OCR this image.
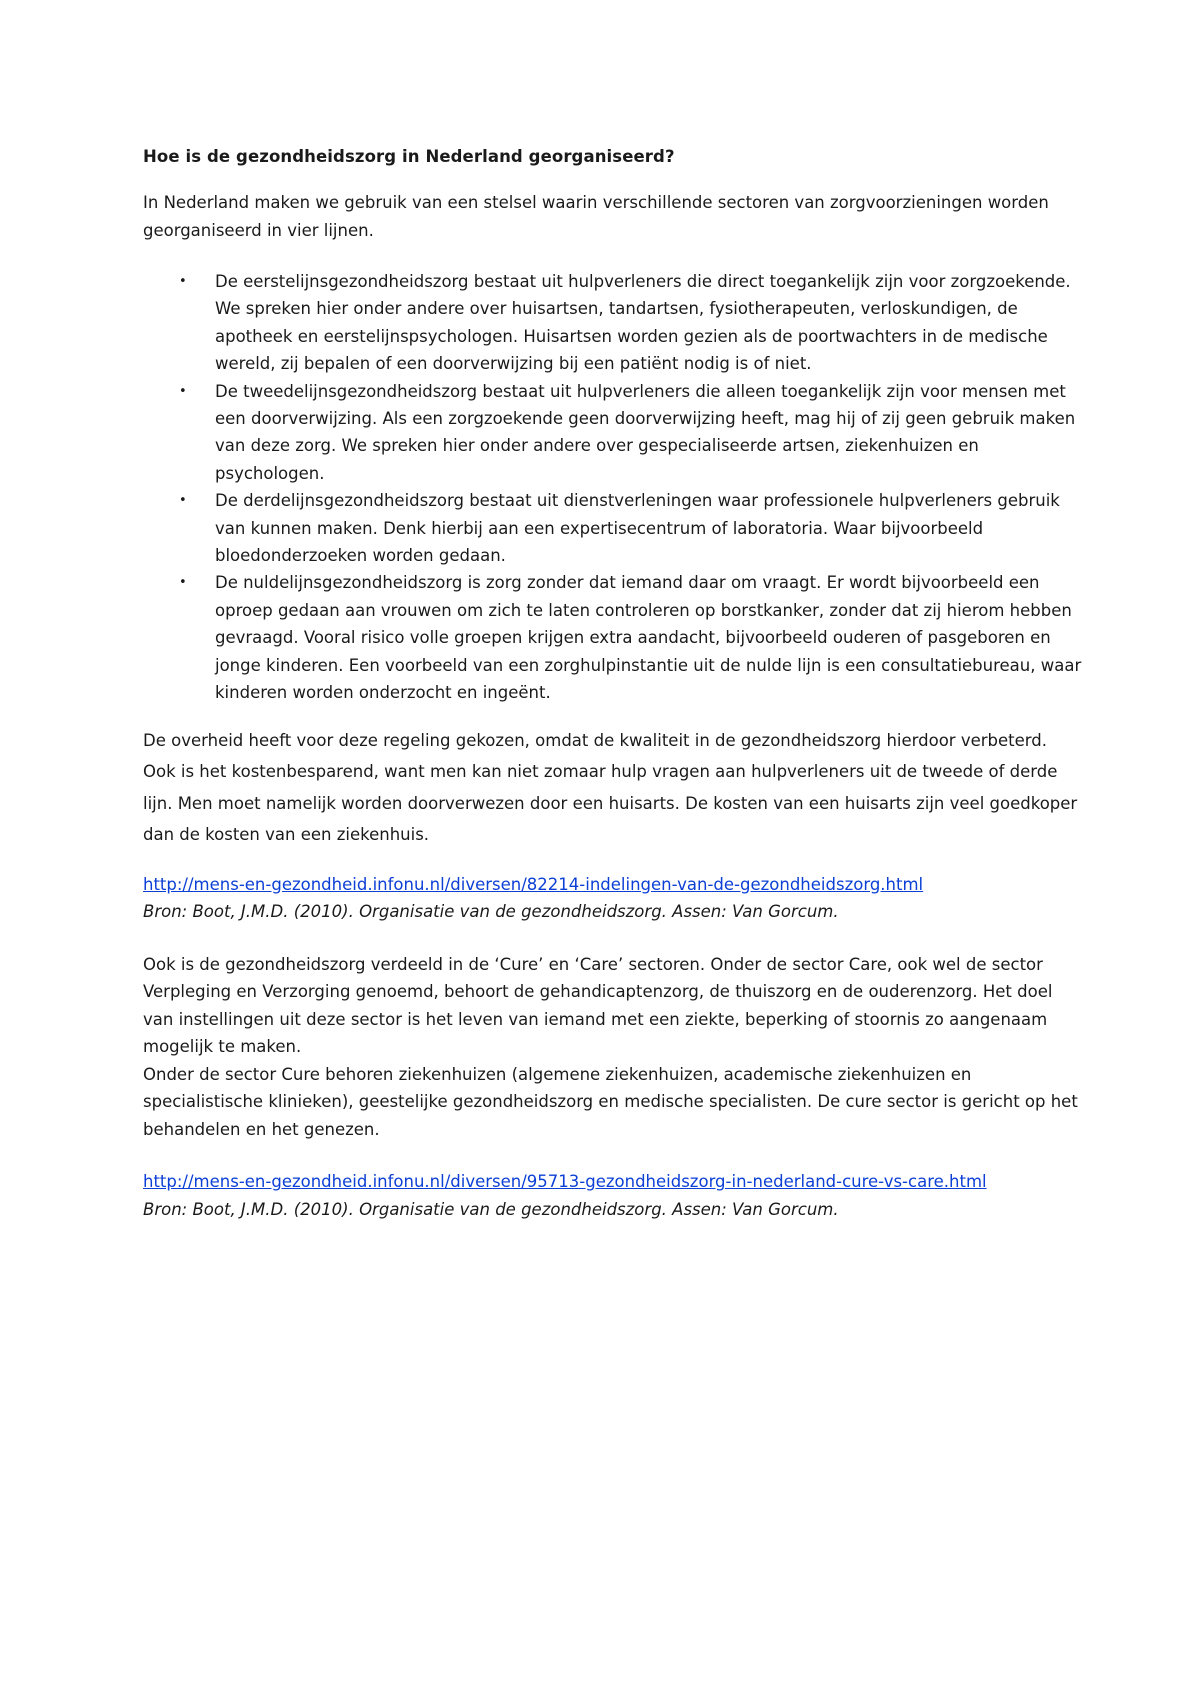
Hoe is de gezondheidszorg in Nederland georganiseerd?

In Nederland maken we gebruik van een stelsel waarin verschillende sectoren van zorgvoorzieningen worden georganiseerd in vier lijnen.

• De eerstelijnsgezondheidszorg bestaat uit hulpverleners die direct toegankelijk zijn voor zorgzoekende. We spreken hier onder andere over huisartsen, tandartsen, fysiotherapeuten, verloskundigen, de apotheek en eerstelijnspsychologen. Huisartsen worden gezien als de poortwachters in de medische wereld, zij bepalen of een doorverwijzing bij een patiënt nodig is of niet.
• De tweedelijnsgezondheidszorg bestaat uit hulpverleners die alleen toegankelijk zijn voor mensen met een doorverwijzing. Als een zorgzoekende geen doorverwijzing heeft, mag hij of zij geen gebruik maken van deze zorg. We spreken hier onder andere over gespecialiseerde artsen, ziekenhuizen en psychologen.
• De derdelijnsgezondheidszorg bestaat uit dienstverleningen waar professionele hulpverleners gebruik van kunnen maken. Denk hierbij aan een expertisecentrum of laboratoria. Waar bijvoorbeeld bloedonderzoeken worden gedaan.
• De nuldelijnsgezondheidszorg is zorg zonder dat iemand daar om vraagt. Er wordt bijvoorbeeld een oproep gedaan aan vrouwen om zich te laten controleren op borstkanker, zonder dat zij hierom hebben gevraagd. Vooral risico volle groepen krijgen extra aandacht, bijvoorbeeld ouderen of pasgeboren en jonge kinderen. Een voorbeeld van een zorghulpinstantie uit de nulde lijn is een consultatiebureau, waar kinderen worden onderzocht en ingeënt.

De overheid heeft voor deze regeling gekozen, omdat de kwaliteit in de gezondheidszorg hierdoor verbeterd. Ook is het kostenbesparend, want men kan niet zomaar hulp vragen aan hulpverleners uit de tweede of derde lijn. Men moet namelijk worden doorverwezen door een huisarts. De kosten van een huisarts zijn veel goedkoper dan de kosten van een ziekenhuis.

http://mens-en-gezondheid.infonu.nl/diversen/82214-indelingen-van-de-gezondheidszorg.html

Bron: Boot, J.M.D. (2010). Organisatie van de gezondheidszorg. Assen: Van Gorcum.

Ook is de gezondheidszorg verdeeld in de ‘Cure’ en ‘Care’ sectoren. Onder de sector Care, ook wel de sector Verpleging en Verzorging genoemd, behoort de gehandicaptenzorg, de thuiszorg en de ouderenzorg. Het doel van instellingen uit deze sector is het leven van iemand met een ziekte, beperking of stoornis zo aangenaam mogelijk te maken.

Onder de sector Cure behoren ziekenhuizen (algemene ziekenhuizen, academische ziekenhuizen en specialistische klinieken), geestelijke gezondheidszorg en medische specialisten. De cure sector is gericht op het behandelen en het genezen.

http://mens-en-gezondheid.infonu.nl/diversen/95713-gezondheidszorg-in-nederland-cure-vs-care.html

Bron: Boot, J.M.D. (2010). Organisatie van de gezondheidszorg. Assen: Van Gorcum.
